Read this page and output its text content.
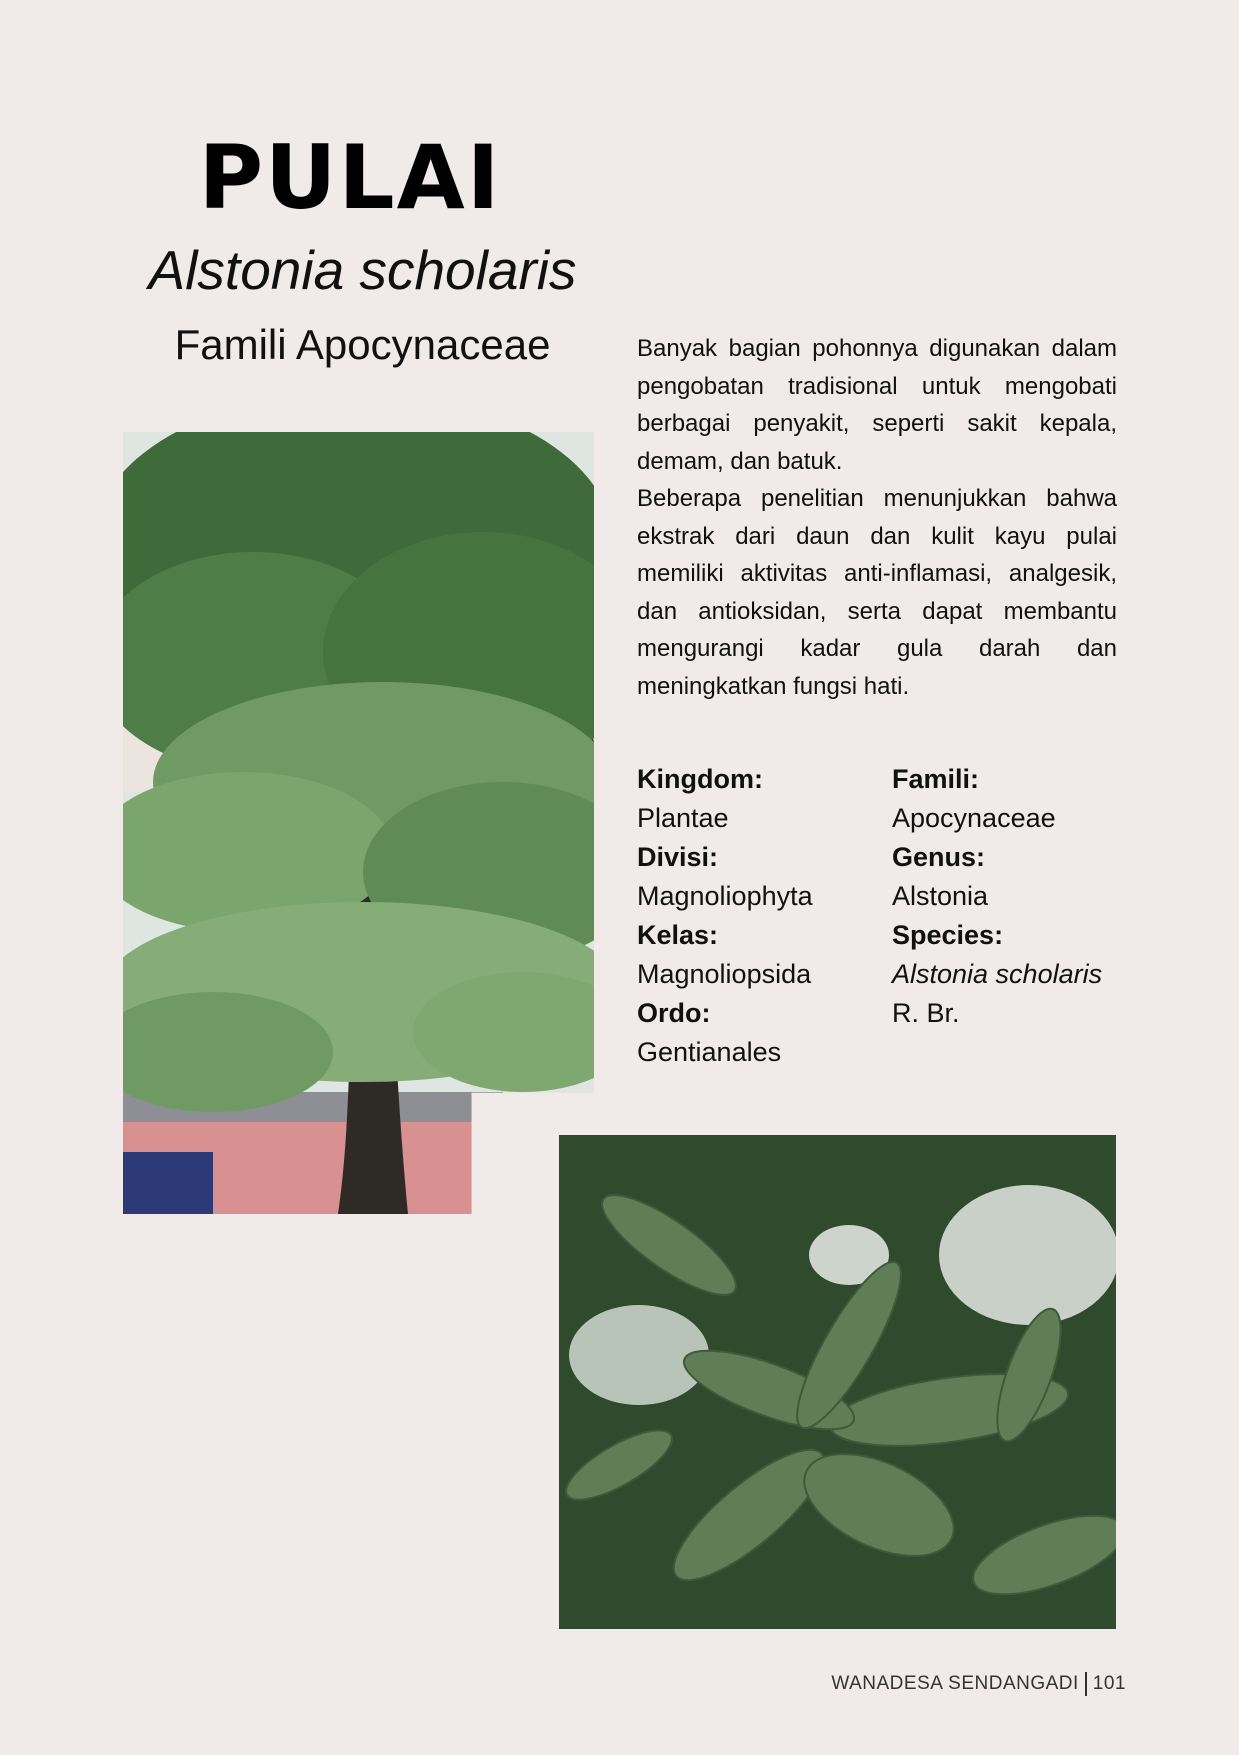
PULAI
Alstonia scholaris
Famili Apocynaceae	Banyak bagian pohonnya digunakan dalam pengobatan tradisional untuk mengobati berbagai penyakit, seperti sakit kepala, demam, dan batuk.

Beberapa penelitian menunjukkan bahwa ekstrak dari daun dan kulit kayu pulai memiliki aktivitas anti-inflamasi, analgesik, dan antioksidan, serta dapat membantu mengurangi kadar gula darah dan meningkatkan fungsi hati.

Kingdom:
Plantae
Divisi:
Magnoliophyta
Kelas:
Magnoliopsida
Ordo:
Gentianales
Famili:
Apocynaceae
Genus:
Alstonia
Species:
Alstonia scholaris
R. Br.
WANADESA SENDANGADI 101
